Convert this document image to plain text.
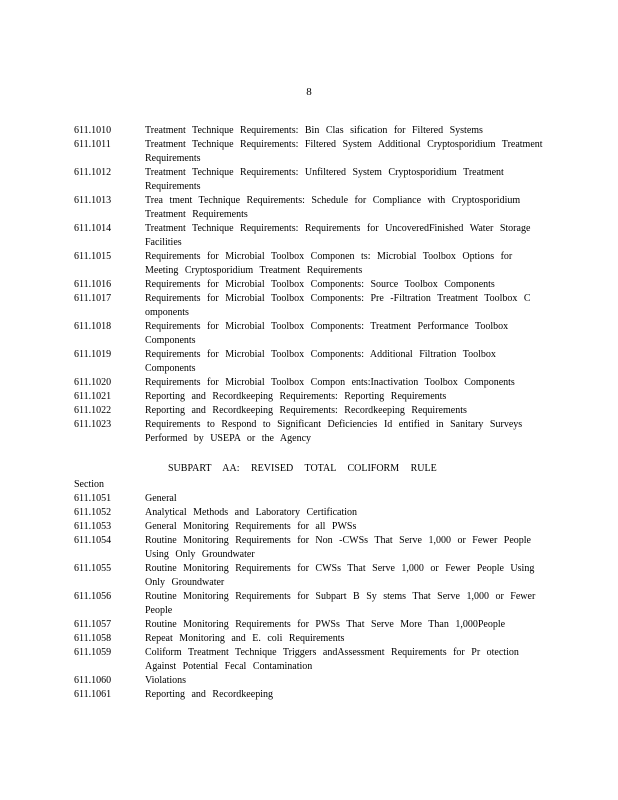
8
611.1010	Treatment Technique Requirements: Bin Clas sification for Filtered Systems
611.1011	Treatment Technique Requirements: Filtered System Additional Cryptosporidium Treatment Requirements
611.1012	Treatment Technique Requirements: Unfiltered System Cryptosporidium Treatment Requirements
611.1013	Trea tment Technique Requirements: Schedule for Compliance with Cryptosporidium Treatment Requirements
611.1014	Treatment Technique Requirements: Requirements for UncoveredFinished Water Storage Facilities
611.1015	Requirements for Microbial Toolbox Componen ts: Microbial Toolbox Options for Meeting Cryptosporidium Treatment Requirements
611.1016	Requirements for Microbial Toolbox Components: Source Toolbox Components
611.1017	Requirements for Microbial Toolbox Components: Pre -Filtration Treatment Toolbox C omponents
611.1018	Requirements for Microbial Toolbox Components: Treatment Performance Toolbox Components
611.1019	Requirements for Microbial Toolbox Components: Additional Filtration Toolbox Components
611.1020	Requirements for Microbial Toolbox Compon ents:Inactivation Toolbox Components
611.1021	Reporting and Recordkeeping Requirements: Reporting Requirements
611.1022	Reporting and Recordkeeping Requirements: Recordkeeping Requirements
611.1023	Requirements to Respond to Significant Deficiencies Id entified in Sanitary Surveys Performed by USEPA or the Agency
SUBPART AA: REVISED TOTAL COLIFORM RULE
Section
611.1051	General
611.1052	Analytical Methods and Laboratory Certification
611.1053	General Monitoring Requirements for all PWSs
611.1054	Routine Monitoring Requirements for Non -CWSs That Serve 1,000 or Fewer People Using Only Groundwater
611.1055	Routine Monitoring Requirements for CWSs That Serve 1,000 or Fewer People Using Only Groundwater
611.1056	Routine Monitoring Requirements for Subpart B Sy stems That Serve 1,000 or Fewer People
611.1057	Routine Monitoring Requirements for PWSs That Serve More Than 1,000People
611.1058	Repeat Monitoring and E. coli Requirements
611.1059	Coliform Treatment Technique Triggers andAssessment Requirements for Pr otection Against Potential Fecal Contamination
611.1060	Violations
611.1061	Reporting and Recordkeeping
